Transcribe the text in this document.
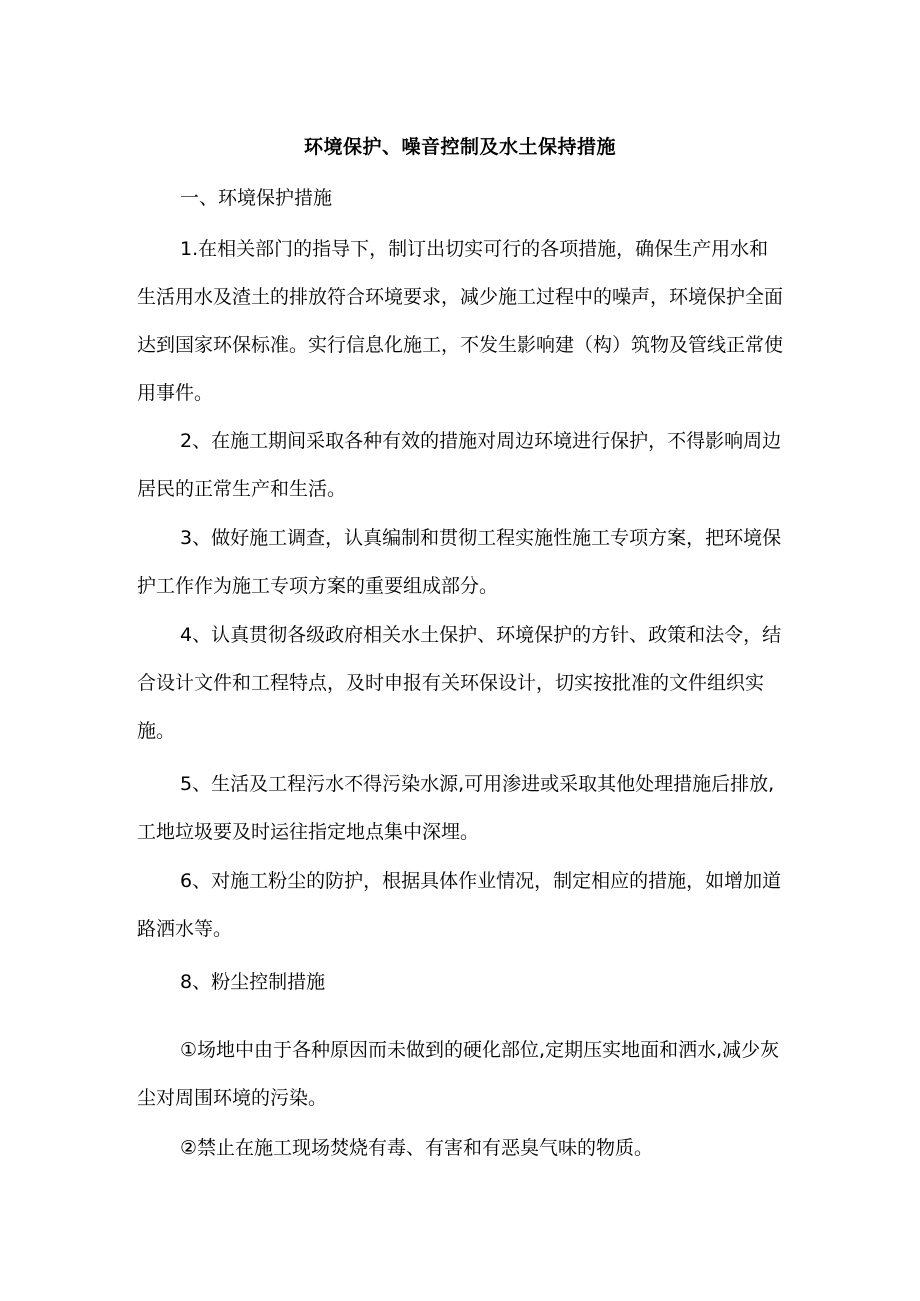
环境保护、噪音控制及水土保持措施
一、环境保护措施

1.在相关部门的指导下，制订出切实可行的各项措施，确保生产用水和生活用水及渣土的排放符合环境要求，减少施工过程中的噪声，环境保护全面达到国家环保标准。实行信息化施工，不发生影响建（构）筑物及管线正常使用事件。

2、在施工期间采取各种有效的措施对周边环境进行保护，不得影响周边居民的正常生产和生活。

3、做好施工调查，认真编制和贯彻工程实施性施工专项方案，把环境保护工作作为施工专项方案的重要组成部分。

4、认真贯彻各级政府相关水土保护、环境保护的方针、政策和法令，结合设计文件和工程特点，及时申报有关环保设计，切实按批准的文件组织实施。

5、生活及工程污水不得污染水源,可用渗进或采取其他处理措施后排放,工地垃圾要及时运往指定地点集中深埋。

6、对施工粉尘的防护，根据具体作业情况，制定相应的措施，如增加道路洒水等。

8、粉尘控制措施

①场地中由于各种原因而未做到的硬化部位,定期压实地面和洒水,减少灰尘对周围环境的污染。

②禁止在施工现场焚烧有毒、有害和有恶臭气味的物质。
